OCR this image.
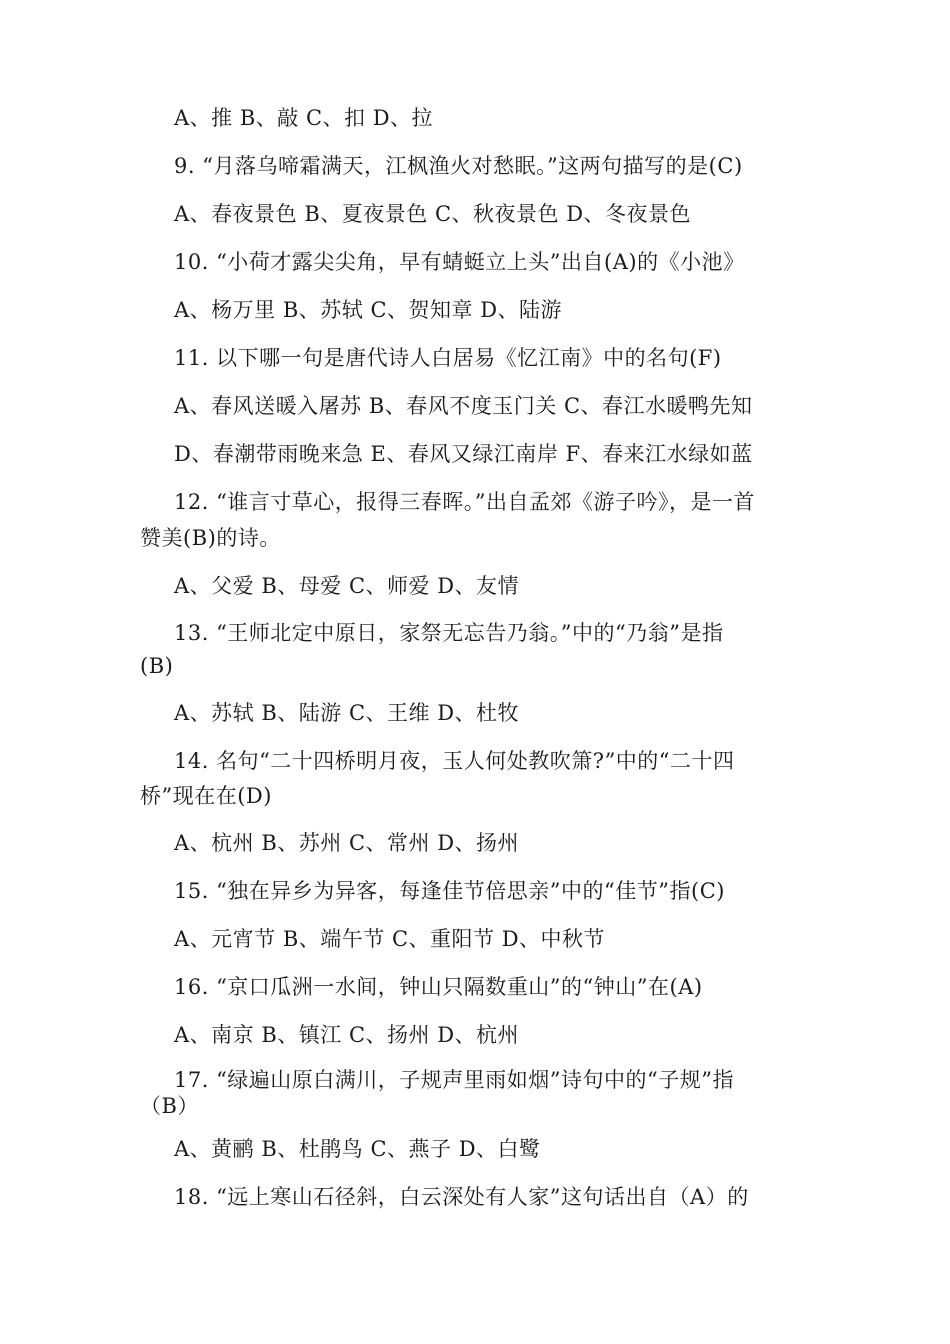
A、推 B、敲 C、扣 D、拉
9. “月落乌啼霜满天，江枫渔火对愁眠。”这两句描写的是(C)
A、春夜景色 B、夏夜景色 C、秋夜景色 D、冬夜景色
10. “小荷才露尖尖角，早有蜻蜓立上头”出自(A)的《小池》
A、杨万里 B、苏轼 C、贺知章 D、陆游
11. 以下哪一句是唐代诗人白居易《忆江南》中的名句(F)
A、春风送暖入屠苏 B、春风不度玉门关 C、春江水暖鸭先知
D、春潮带雨晚来急 E、春风又绿江南岸 F、春来江水绿如蓝
12. “谁言寸草心，报得三春晖。”出自孟郊《游子吟》，是一首
赞美(B)的诗。
A、父爱 B、母爱 C、师爱 D、友情
13. “王师北定中原日，家祭无忘告乃翁。”中的“乃翁”是指
(B)
A、苏轼 B、陆游 C、王维 D、杜牧
14. 名句“二十四桥明月夜，玉人何处教吹箫?”中的“二十四
桥”现在在(D)
A、杭州 B、苏州 C、常州 D、扬州
15. “独在异乡为异客，每逢佳节倍思亲”中的“佳节”指(C)
A、元宵节 B、端午节 C、重阳节 D、中秋节
16. “京口瓜洲一水间，钟山只隔数重山”的“钟山”在(A)
A、南京 B、镇江 C、扬州 D、杭州
17. “绿遍山原白满川，子规声里雨如烟”诗句中的“子规”指
（B）
A、黄鹂 B、杜鹃鸟 C、燕子 D、白鹭
18. “远上寒山石径斜，白云深处有人家”这句话出自（A）的
